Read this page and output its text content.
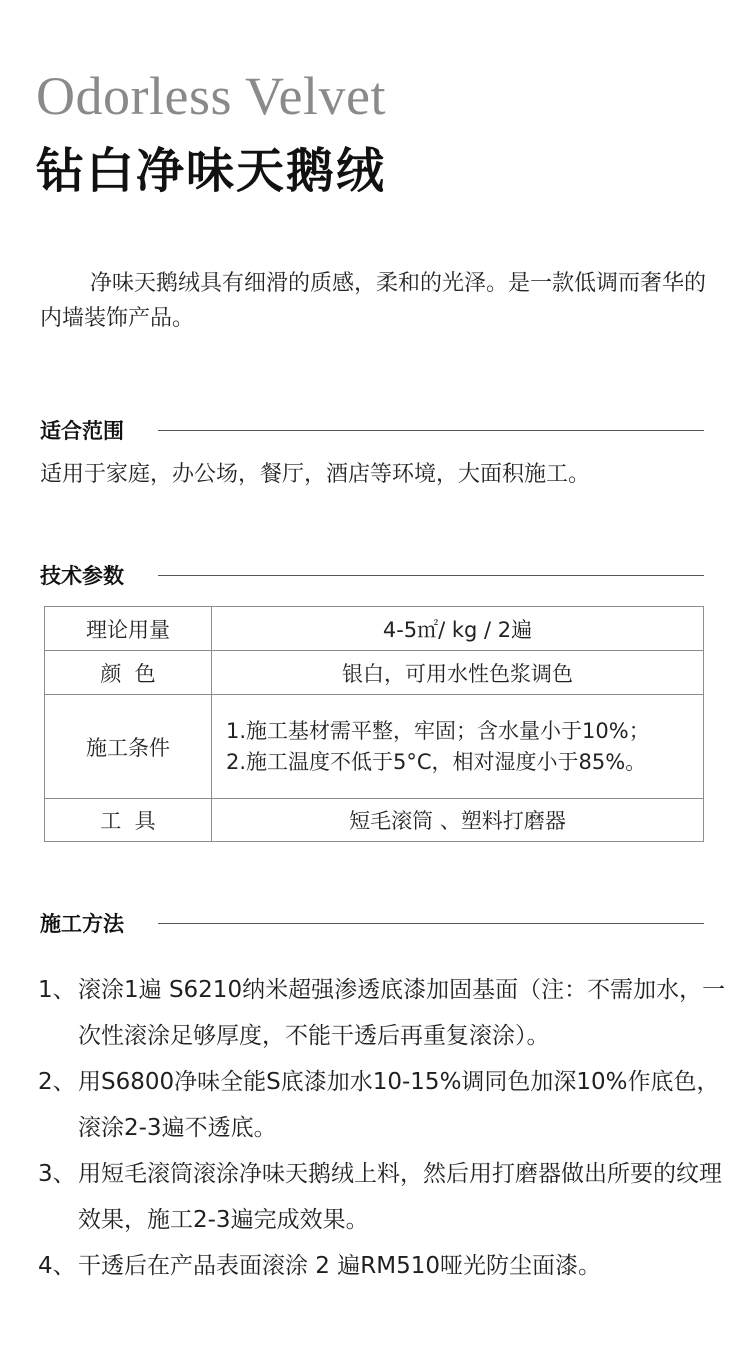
Odorless Velvet
钻白净味天鹅绒
净味天鹅绒具有细滑的质感，柔和的光泽。是一款低调而奢华的内墙装饰产品。
适合范围
适用于家庭，办公场，餐厅，酒店等环境，大面积施工。
技术参数
理论用量	4-5㎡/ kg / 2遍
颜  色	银白，可用水性色浆调色
施工条件	1.施工基材需平整，牢固；含水量小于10%；
2.施工温度不低于5°C，相对湿度小于85%。

工  具	短毛滚筒 、塑料打磨器
施工方法
1、 滚涂1遍 S6210纳米超强渗透底漆加固基面（注：不需加水，一次性滚涂足够厚度，不能干透后再重复滚涂）。
2、 用S6800净味全能S底漆加水10-15%调同色加深10%作底色，滚涂2-3遍不透底。
3、 用短毛滚筒滚涂净味天鹅绒上料，然后用打磨器做出所要的纹理效果，施工2-3遍完成效果。
4、 干透后在产品表面滚涂 2 遍RM510哑光防尘面漆。
